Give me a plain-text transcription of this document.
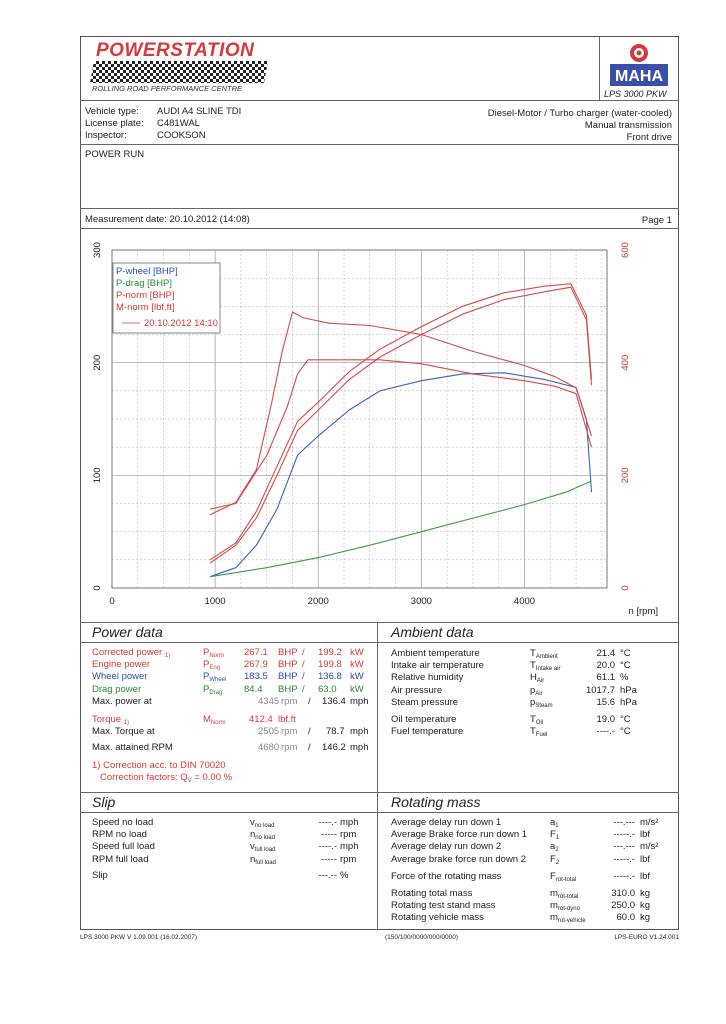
POWERSTATION
ROLLING ROAD PERFORMANCE CENTRE
MAHA
LPS 3000 PKW
Vehicle type: AUDI A4 SLINE TDI
License plate: C481WAL
Inspector:	COOKSON
Diesel-Motor / Turbo charger (water-cooled)
Manual transmission
Front drive
POWER RUN
Measurement date: 20.10.2012 (14:08)	Page 1
0	1000	2000	3000	4000
0
100
200
300
0
200
400
600
n [rpm]
P-wheel [BHP]
P-drag [BHP]
P-norm [BHP]
M-norm [lbf.ft]
20.10.2012 14:10
Power data	Ambient data
Corrected power $_{1)}$	$P_{Norm}$ 267.1 BHP / 199.2 kW
Engine power	$P_{Eng}$	267.9 BHP / 199.8 kW
Wheel power	$P_{Wheel}$ 183.5 BHP / 136.8 kW
Drag power	$P_{Drag}$ 84.4 BHP / 63.0 kW
Max. power at	4345 rpm / 136.4 mph
Torque $_{1)}$	$M_{Norm}$ 412.4 lbf.ft
Max. Torque at	2505 rpm / 78.7 mph
Max. attained RPM	4680 rpm / 146.2 mph
1) Correction acc. to DIN 70020
Correction factors: $Q_V = 0.00$ %
Ambient temperature	$T_{Ambient}$	21.4 °C
Intake air temperature	$T_{Intake air}$	20.0 °C
Relative humidity	$H_{Air}$	61.1 %
Air pressure	$p_{Air}$	1017.7 hPa
Steam pressure	$p_{Steam}$	15.6 hPa
Oil temperature	$T_{Oil}$	19.0 °C
Fuel temperature	$T_{Fuel}$	----.- °C
Slip	Rotating mass
Speed no load	$v_{no load}$	----.- mph
RPM no load	$n_{no load}$	----- rpm
Speed full load	$v_{full load}$	----.- mph
RPM full load	$n_{full load}$	----- rpm
Slip	---.-- %
Average delay run down 1	$a_1$	---.--- m/s²
Average Brake force run down 1 $F_1$	-----.- lbf
Average delay run down 2	$a_2$	---.--- m/s²
Average brake force run down 2	$F_2$	-----.- lbf
Force of the rotating mass	$F_{rot-total}$	-----.- lbf
Rotating total mass	$m_{rot-total}$	310.0 kg
Rotating test stand mass	$m_{rot-dyno}$	250.0 kg
Rotating vehicle mass	$m_{rot-vehicle}$	60.0 kg
LPS 3000 PKW V 1.09.001 (16.02.2007)	(150/100/0000/000/0000)	LPS-EURO V1.24.001
